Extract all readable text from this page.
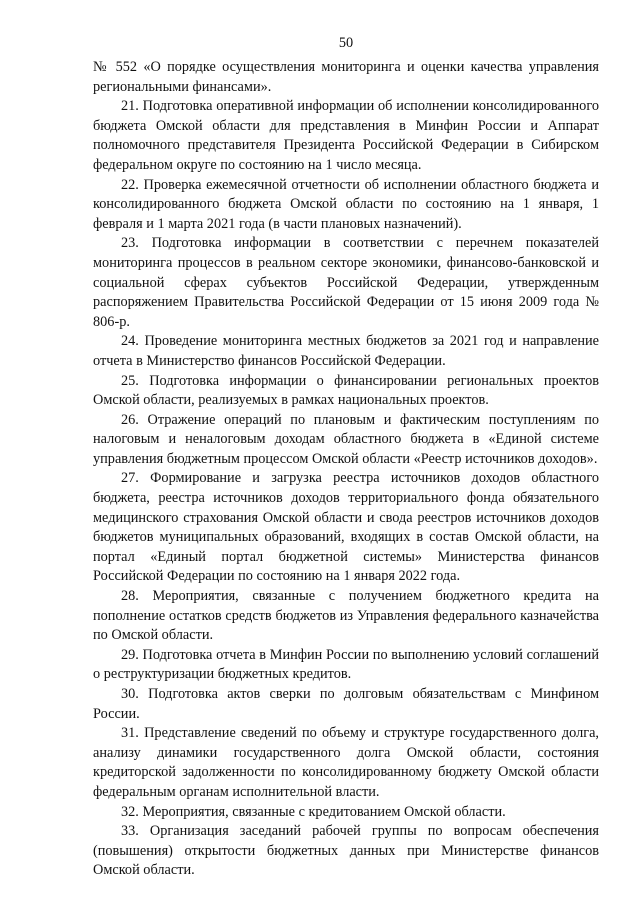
50

№ 552 «О порядке осуществления мониторинга и оценки качества управления региональными финансами».

21. Подготовка оперативной информации об исполнении консолидированного бюджета Омской области для представления в Минфин России и Аппарат полномочного представителя Президента Российской Федерации в Сибирском федеральном округе по состоянию на 1 число месяца.

22. Проверка ежемесячной отчетности об исполнении областного бюджета и консолидированного бюджета Омской области по состоянию на 1 января, 1 февраля и 1 марта 2021 года (в части плановых назначений).

23. Подготовка информации в соответствии с перечнем показателей мониторинга процессов в реальном секторе экономики, финансово-банковской и социальной сферах субъектов Российской Федерации, утвержденным распоряжением Правительства Российской Федерации от 15 июня 2009 года № 806-р.

24. Проведение мониторинга местных бюджетов за 2021 год и направление отчета в Министерство финансов Российской Федерации.

25. Подготовка информации о финансировании региональных проектов Омской области, реализуемых в рамках национальных проектов.

26. Отражение операций по плановым и фактическим поступлениям по налоговым и неналоговым доходам областного бюджета в «Единой системе управления бюджетным процессом Омской области «Реестр источников доходов».

27. Формирование и загрузка реестра источников доходов областного бюджета, реестра источников доходов территориального фонда обязательного медицинского страхования Омской области и свода реестров источников доходов бюджетов муниципальных образований, входящих в состав Омской области, на портал «Единый портал бюджетной системы» Министерства финансов Российской Федерации по состоянию на 1 января 2022 года.

28. Мероприятия, связанные с получением бюджетного кредита на пополнение остатков средств бюджетов из Управления федерального казначейства по Омской области.

29. Подготовка отчета в Минфин России по выполнению условий соглашений о реструктуризации бюджетных кредитов.

30. Подготовка актов сверки по долговым обязательствам с Минфином России.

31. Представление сведений по объему и структуре государственного долга, анализу динамики государственного долга Омской области, состояния кредиторской задолженности по консолидированному бюджету Омской области федеральным органам исполнительной власти.

32. Мероприятия, связанные с кредитованием Омской области.

33. Организация заседаний рабочей группы по вопросам обеспечения (повышения) открытости бюджетных данных при Министерстве финансов Омской области.
